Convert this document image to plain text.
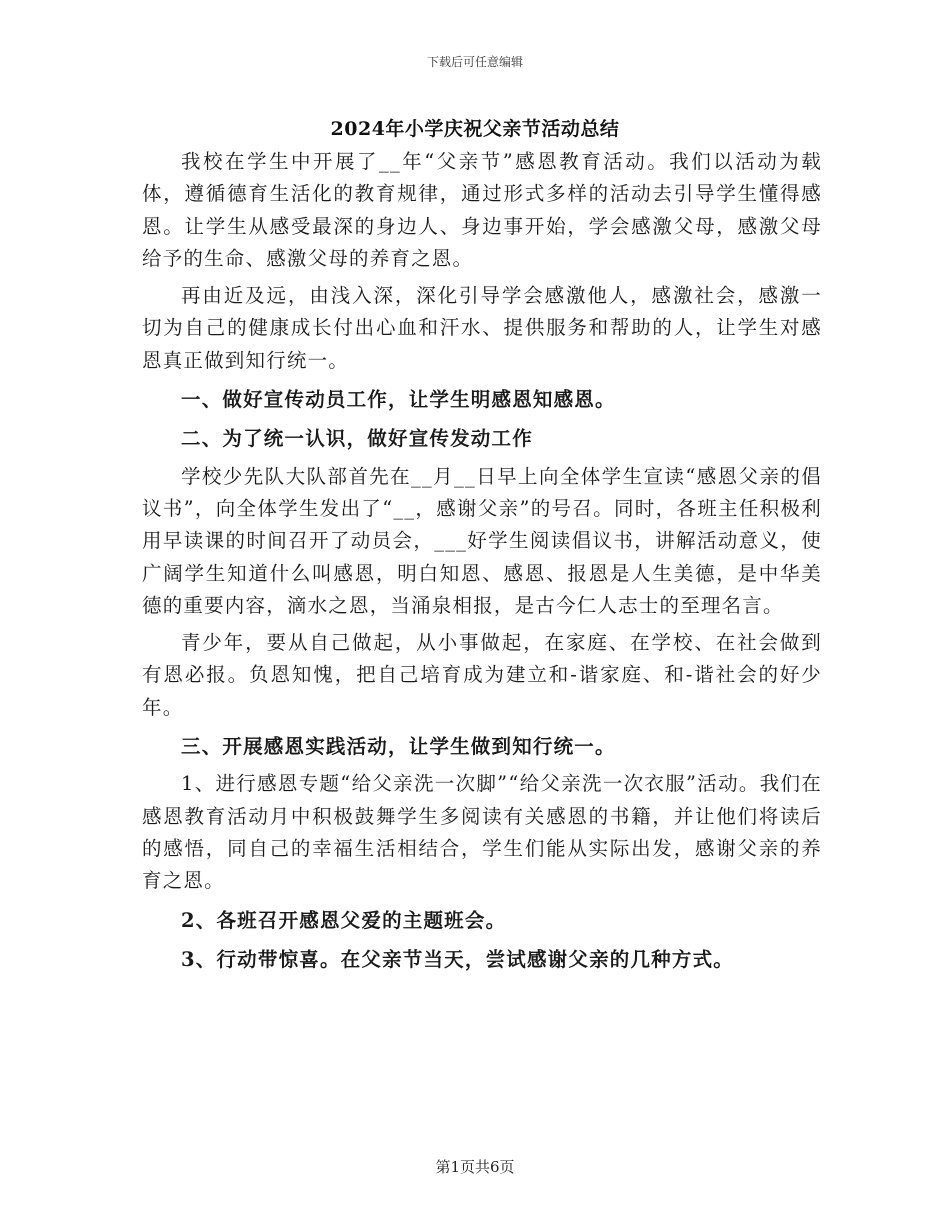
下载后可任意编辑
2024年小学庆祝父亲节活动总结

我校在学生中开展了__年“父亲节”感恩教育活动。我们以活动为载体，遵循德育生活化的教育规律，通过形式多样的活动去引导学生懂得感恩。让学生从感受最深的身边人、身边事开始，学会感激父母，感激父母给予的生命、感激父母的养育之恩。

再由近及远，由浅入深，深化引导学会感激他人，感激社会，感激一切为自己的健康成长付出心血和汗水、提供服务和帮助的人，让学生对感恩真正做到知行统一。

一、做好宣传动员工作，让学生明感恩知感恩。

二、为了统一认识，做好宣传发动工作

学校少先队大队部首先在__月__日早上向全体学生宣读“感恩父亲的倡议书”，向全体学生发出了“__，感谢父亲”的号召。同时，各班主任积极利用早读课的时间召开了动员会，___好学生阅读倡议书，讲解活动意义，使广阔学生知道什么叫感恩，明白知恩、感恩、报恩是人生美德，是中华美德的重要内容，滴水之恩，当涌泉相报，是古今仁人志士的至理名言。

青少年，要从自己做起，从小事做起，在家庭、在学校、在社会做到有恩必报。负恩知愧，把自己培育成为建立和-谐家庭、和-谐社会的好少年。

三、开展感恩实践活动，让学生做到知行统一。

1、进行感恩专题“给父亲洗一次脚”“给父亲洗一次衣服”活动。我们在感恩教育活动月中积极鼓舞学生多阅读有关感恩的书籍，并让他们将读后的感悟，同自己的幸福生活相结合，学生们能从实际出发，感谢父亲的养育之恩。

2、各班召开感恩父爱的主题班会。

3、行动带惊喜。在父亲节当天，尝试感谢父亲的几种方式。

第1页共6页
